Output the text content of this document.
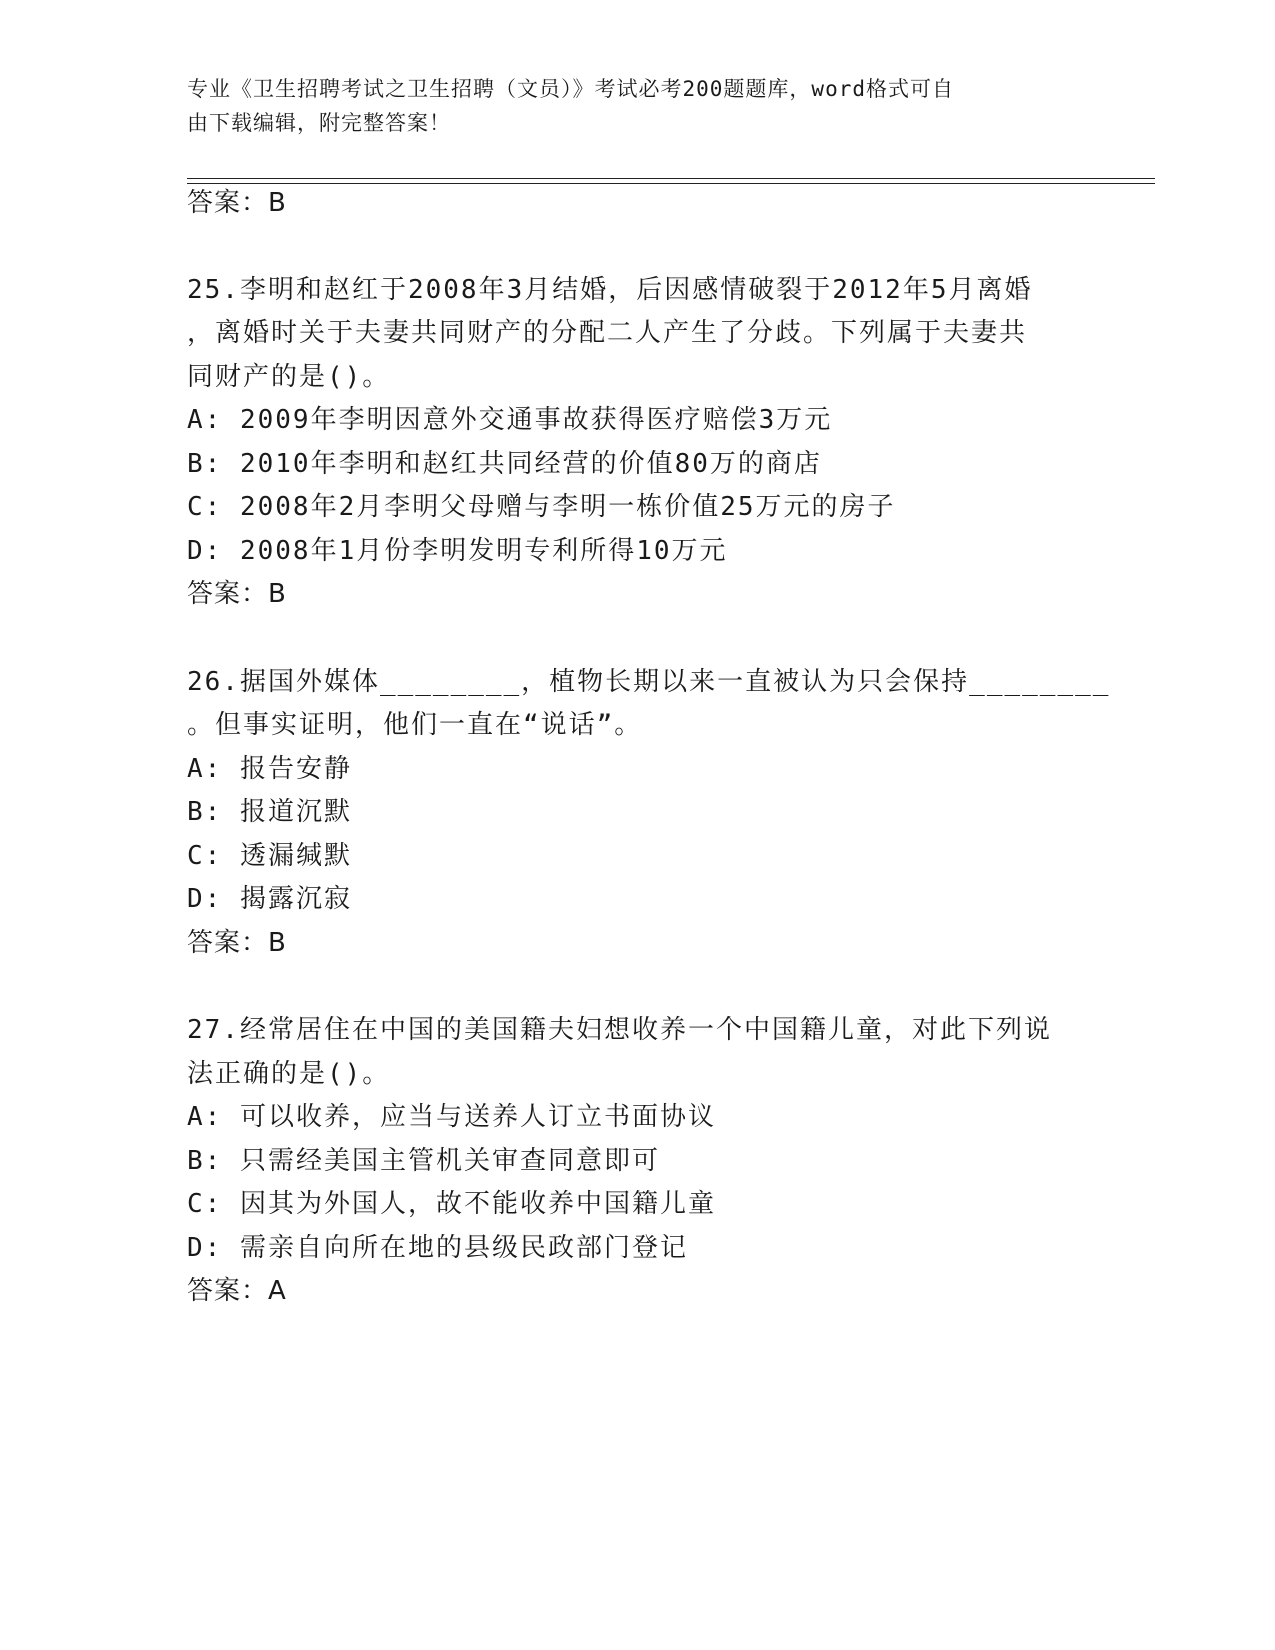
专业《卫生招聘考试之卫生招聘（文员）》考试必考200题题库，word格式可自
由下载编辑，附完整答案！
答案：B
25.李明和赵红于2008年3月结婚，后因感情破裂于2012年5月离婚
，离婚时关于夫妻共同财产的分配二人产生了分歧。下列属于夫妻共
同财产的是()。
A: 2009年李明因意外交通事故获得医疗赔偿3万元
B: 2010年李明和赵红共同经营的价值80万的商店
C: 2008年2月李明父母赠与李明一栋价值25万元的房子
D: 2008年1月份李明发明专利所得10万元
答案：B
26.据国外媒体________，植物长期以来一直被认为只会保持________
。但事实证明，他们一直在“说话”。
A: 报告安静
B: 报道沉默
C: 透漏缄默
D: 揭露沉寂
答案：B
27.经常居住在中国的美国籍夫妇想收养一个中国籍儿童，对此下列说
法正确的是()。
A: 可以收养，应当与送养人订立书面协议
B: 只需经美国主管机关审查同意即可
C: 因其为外国人，故不能收养中国籍儿童
D: 需亲自向所在地的县级民政部门登记
答案：A
